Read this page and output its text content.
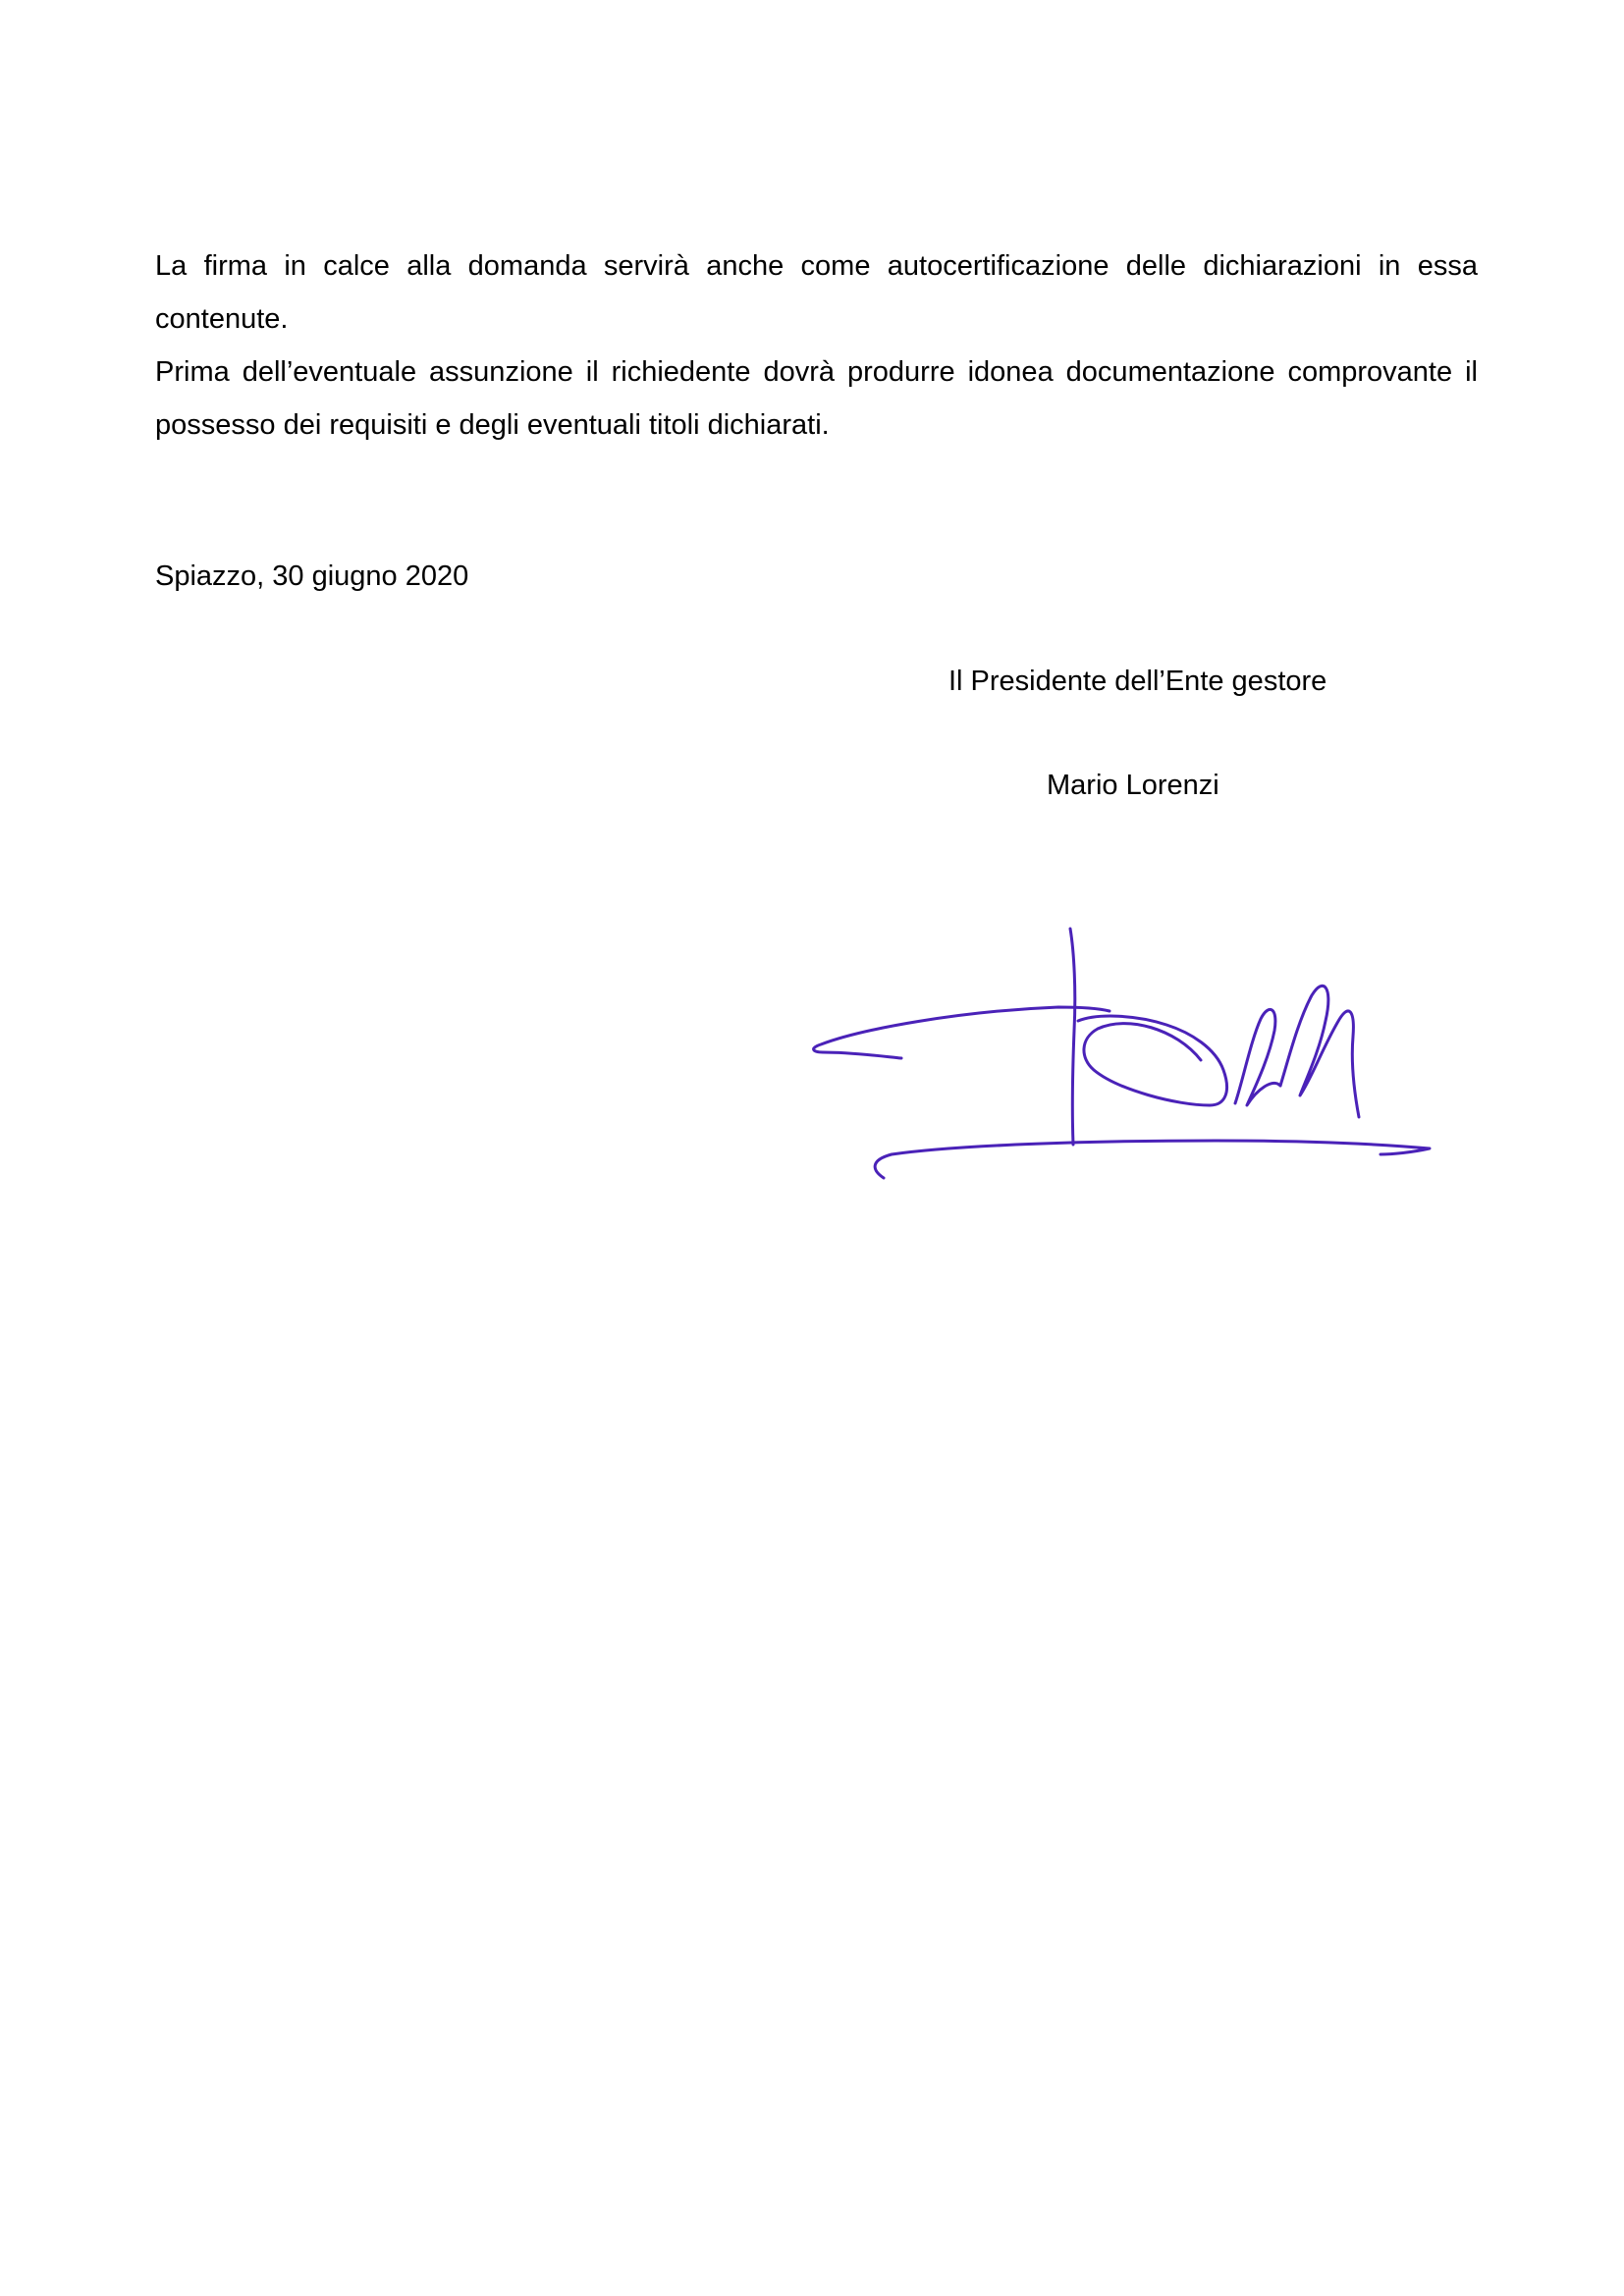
La firma in calce alla domanda servirà anche come autocertificazione delle dichiarazioni in essa contenute.

Prima dell’eventuale assunzione il richiedente dovrà produrre idonea documentazione comprovante il possesso dei requisiti e degli eventuali titoli dichiarati.

Spiazzo, 30 giugno 2020
Il Presidente dell’Ente gestore
Mario Lorenzi
